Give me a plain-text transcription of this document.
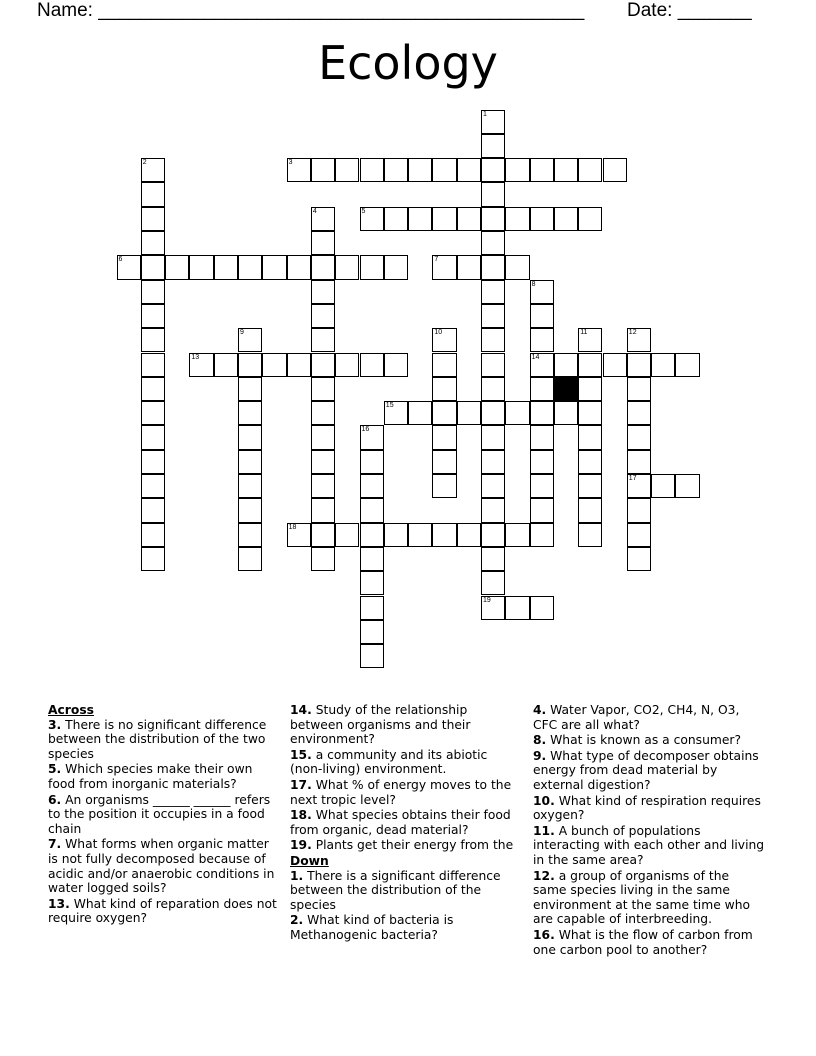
Name: ______________________________________________ Date: _______
Ecology
3
5
6	7
13	14
15
17
18
19
1
2
4
8
9	10	11	12
16
Across
3. There is no significant difference between the distribution of the two species
5. Which species make their own food from inorganic materials?
6. An organisms ______ ______ refers to the position it occupies in a food chain
7. What forms when organic matter is not fully decomposed because of acidic and/or anaerobic conditions in water logged soils?
13. What kind of reparation does not require oxygen?
14. Study of the relationship between organisms and their environment?
15. a community and its abiotic (non-living) environment.
17. What % of energy moves to the next tropic level?
18. What species obtains their food from organic, dead material?
19. Plants get their energy from the
Down
1. There is a significant difference between the distribution of the species
2. What kind of bacteria is Methanogenic bacteria?
4. Water Vapor, CO2, CH4, N, O3, CFC are all what?
8. What is known as a consumer?
9. What type of decomposer obtains energy from dead material by external digestion?
10. What kind of respiration requires oxygen?
11. A bunch of populations interacting with each other and living in the same area?
12. a group of organisms of the same species living in the same environment at the same time who are capable of interbreeding.
16. What is the flow of carbon from one carbon pool to another?
